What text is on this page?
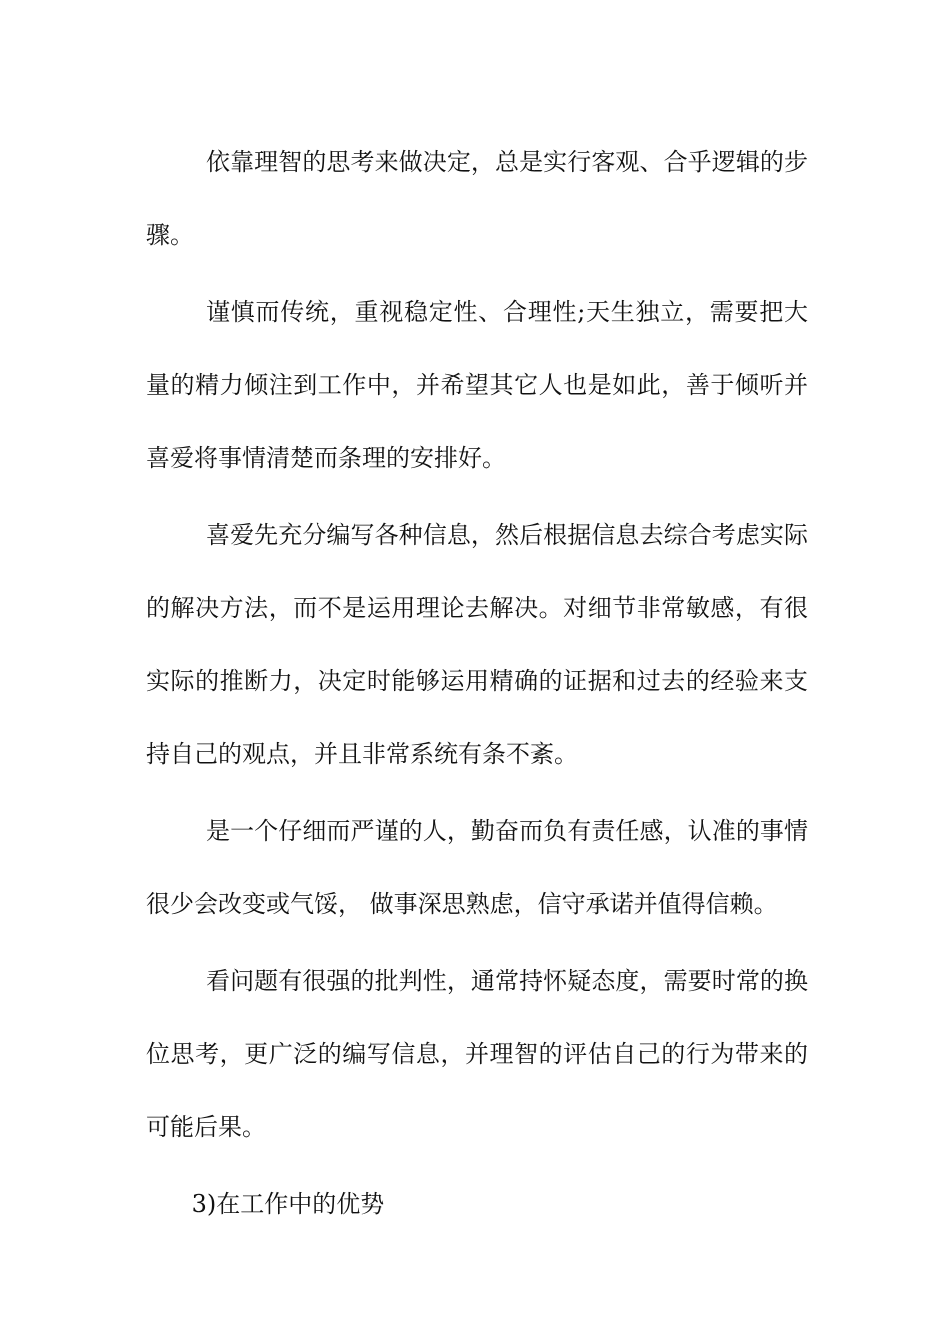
依靠理智的思考来做决定，总是实行客观、合乎逻辑的步骤。

谨慎而传统，重视稳定性、合理性;天生独立，需要把大量的精力倾注到工作中，并希望其它人也是如此，善于倾听并喜爱将事情清楚而条理的安排好。

喜爱先充分编写各种信息，然后根据信息去综合考虑实际的解决方法，而不是运用理论去解决。对细节非常敏感，有很实际的推断力，决定时能够运用精确的证据和过去的经验来支持自己的观点，并且非常系统有条不紊。

是一个仔细而严谨的人，勤奋而负有责任感，认准的事情很少会改变或气馁， 做事深思熟虑，信守承诺并值得信赖。

看问题有很强的批判性，通常持怀疑态度，需要时常的换位思考，更广泛的编写信息，并理智的评估自己的行为带来的可能后果。

3)在工作中的优势
